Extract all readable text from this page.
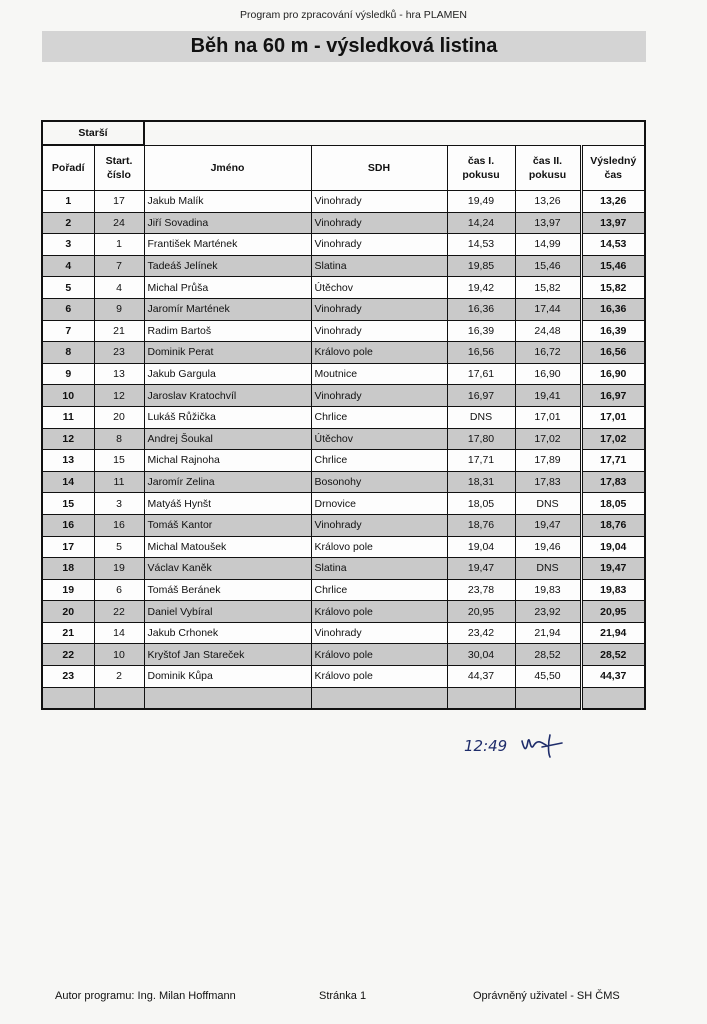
Program pro zpracování výsledků - hra PLAMEN
Běh na 60 m - výsledková listina
Starší						
Pořadí	Start. číslo	Jméno	SDH	čas I. pokusu	čas II. pokusu	Výsledný čas
1	17	Jakub Malík	Vinohrady	19,49	13,26	13,26
2	24	Jiří Sovadina	Vinohrady	14,24	13,97	13,97
3	1	František Martének	Vinohrady	14,53	14,99	14,53
4	7	Tadeáš Jelínek	Slatina	19,85	15,46	15,46
5	4	Michal Průša	Útěchov	19,42	15,82	15,82
6	9	Jaromír Martének	Vinohrady	16,36	17,44	16,36
7	21	Radim Bartoš	Vinohrady	16,39	24,48	16,39
8	23	Dominik Perat	Královo pole	16,56	16,72	16,56
9	13	Jakub Gargula	Moutnice	17,61	16,90	16,90
10	12	Jaroslav Kratochvíl	Vinohrady	16,97	19,41	16,97
11	20	Lukáš Růžička	Chrlice	DNS	17,01	17,01
12	8	Andrej Šoukal	Útěchov	17,80	17,02	17,02
13	15	Michal Rajnoha	Chrlice	17,71	17,89	17,71
14	11	Jaromír Zelina	Bosonohy	18,31	17,83	17,83
15	3	Matyáš Hynšt	Drnovice	18,05	DNS	18,05
16	16	Tomáš Kantor	Vinohrady	18,76	19,47	18,76
17	5	Michal Matoušek	Královo pole	19,04	19,46	19,04
18	19	Václav Kaněk	Slatina	19,47	DNS	19,47
19	6	Tomáš Beránek	Chrlice	23,78	19,83	19,83
20	22	Daniel Vybíral	Královo pole	20,95	23,92	20,95
21	14	Jakub Crhonek	Vinohrady	23,42	21,94	21,94
22	10	Kryštof Jan Stareček	Královo pole	30,04	28,52	28,52
23	2	Dominik Kůpa	Královo pole	44,37	45,50	44,37

12:49
Autor programu: Ing. Milan Hoffmann	Stránka 1	Oprávněný uživatel - SH ČMS
